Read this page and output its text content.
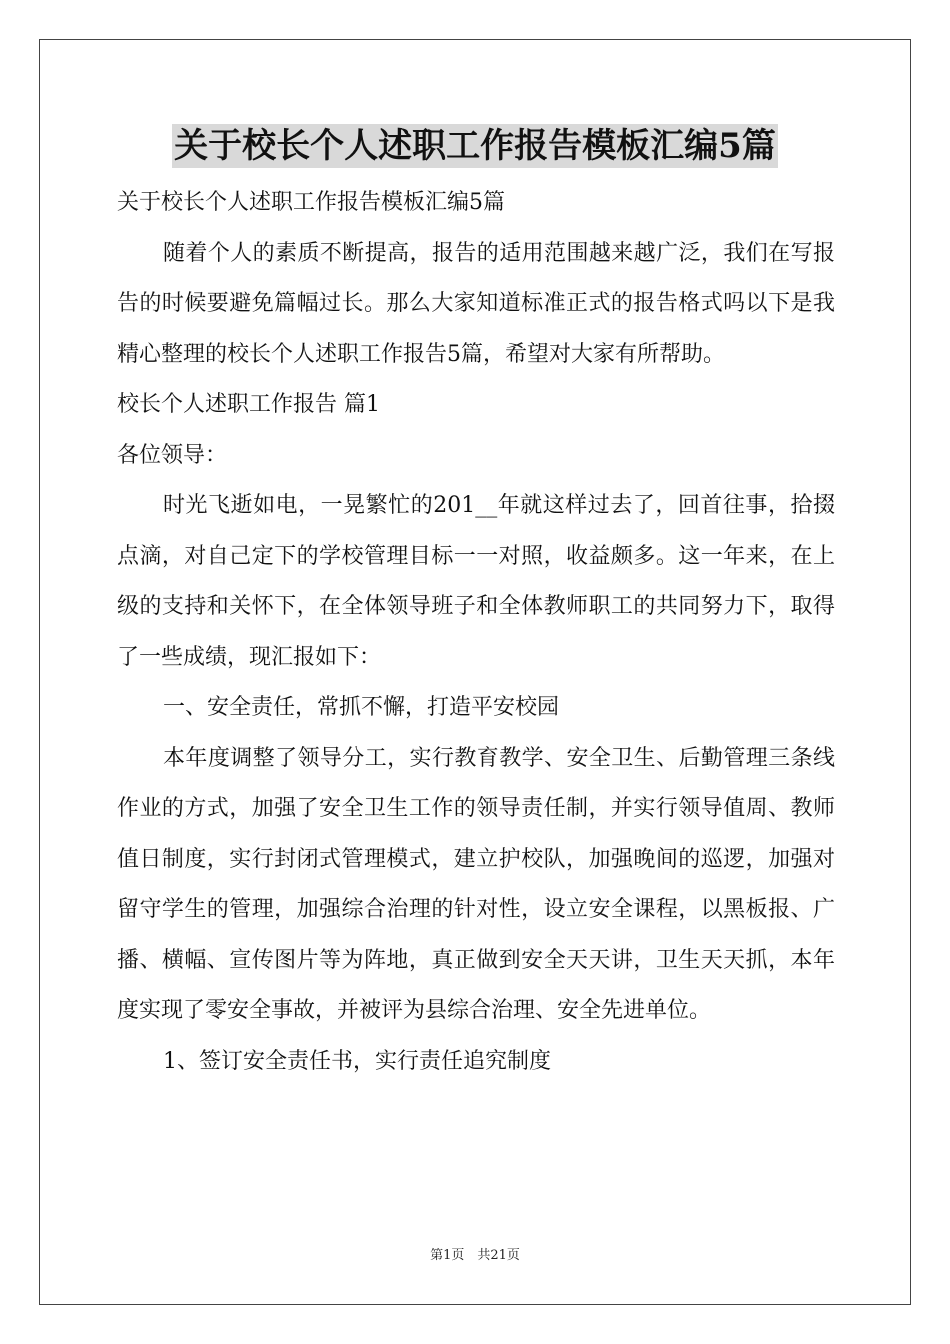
关于校长个人述职工作报告模板汇编5篇

关于校长个人述职工作报告模板汇编5篇

随着个人的素质不断提高，报告的适用范围越来越广泛，我们在写报告的时候要避免篇幅过长。那么大家知道标准正式的报告格式吗以下是我精心整理的校长个人述职工作报告5篇，希望对大家有所帮助。

校长个人述职工作报告 篇1

各位领导：

时光飞逝如电，一晃繁忙的201__年就这样过去了，回首往事，拾掇点滴，对自己定下的学校管理目标一一对照，收益颇多。这一年来，在上级的支持和关怀下，在全体领导班子和全体教师职工的共同努力下，取得了一些成绩，现汇报如下：

一、安全责任，常抓不懈，打造平安校园

本年度调整了领导分工，实行教育教学、安全卫生、后勤管理三条线作业的方式，加强了安全卫生工作的领导责任制，并实行领导值周、教师值日制度，实行封闭式管理模式，建立护校队，加强晚间的巡逻，加强对留守学生的管理，加强综合治理的针对性，设立安全课程，以黑板报、广播、横幅、宣传图片等为阵地，真正做到安全天天讲，卫生天天抓，本年度实现了零安全事故，并被评为县综合治理、安全先进单位。

1、签订安全责任书，实行责任追究制度

第1页　共21页
